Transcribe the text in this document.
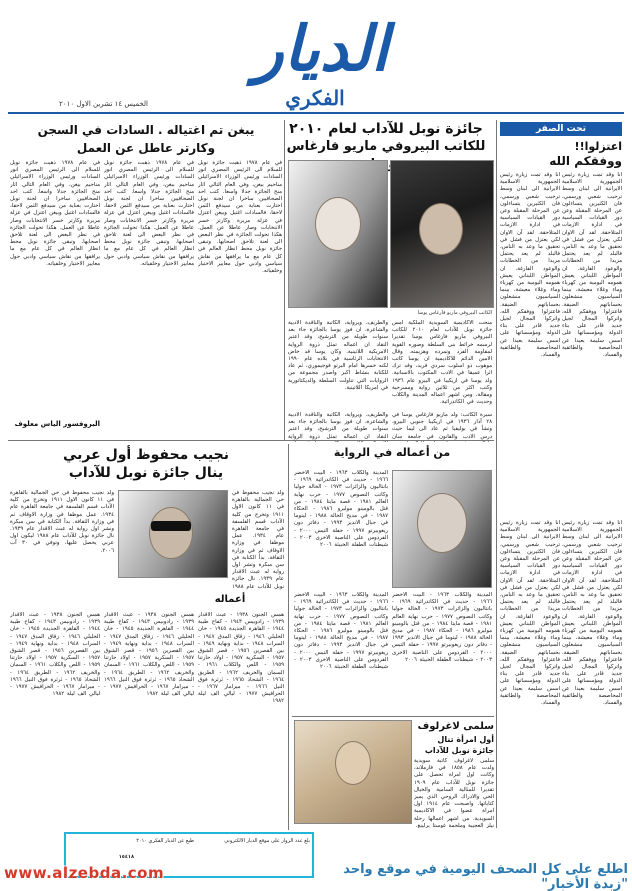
الديار
الفكري
الخميس ١٤ تشرين الاول ٢٠١٠
تحت الصفر
اعتزلوا!!
ووفقكم الله
انا وقد تمت زيارة رئيس الجمهورية الاسلامية الايرانية الى لبنان وسط ترحيب شعبي ورسمي، فان الكثيرين يتساءلون عن المرحلة المقبلة وعن دور القيادات السياسية في ادارة الازمات المتلاحقة. لقد آن الاوان لكي يعتزل من فشل في تحقيق ما وعد به الناس، فالبلد لم يعد يحتمل مزيدا من الخطابات والوعود الفارغة. ان المواطن اللبناني يعيش همومه اليومية من كهرباء وماء وغلاء معيشة، بينما السياسيون منشغلون بحساباتهم الضيقة. فاعتزلوا ووفقكم الله، واتركوا المجال لجيل جديد قادر على بناء الدولة ومؤسساتها على اسس سليمة بعيدا عن المحاصصة والطائفية والفساد.
انا وقد تمت زيارة رئيس الجمهورية الاسلامية الايرانية الى لبنان وسط ترحيب شعبي ورسمي، فان الكثيرين يتساءلون عن المرحلة المقبلة وعن دور القيادات السياسية في ادارة الازمات المتلاحقة. لقد آن الاوان لكي يعتزل من فشل في تحقيق ما وعد به الناس، فالبلد لم يعد يحتمل مزيدا من الخطابات والوعود الفارغة. ان المواطن اللبناني يعيش همومه اليومية من كهرباء وماء وغلاء معيشة، بينما السياسيون منشغلون بحساباتهم الضيقة. فاعتزلوا ووفقكم الله، واتركوا المجال لجيل جديد قادر على بناء الدولة ومؤسساتها على اسس سليمة بعيدا عن المحاصصة والطائفية والفساد.
انا وقد تمت زيارة رئيس الجمهورية الاسلامية الايرانية الى لبنان وسط ترحيب شعبي ورسمي، فان الكثيرين يتساءلون عن المرحلة المقبلة وعن دور القيادات السياسية في ادارة الازمات المتلاحقة. لقد آن الاوان لكي يعتزل من فشل في تحقيق ما وعد به الناس، فالبلد لم يعد يحتمل مزيدا من الخطابات والوعود الفارغة. ان المواطن اللبناني يعيش همومه اليومية من كهرباء وماء وغلاء معيشة، بينما السياسيون منشغلون بحساباتهم الضيقة. فاعتزلوا ووفقكم الله، واتركوا المجال لجيل جديد قادر على بناء الدولة ومؤسساتها على اسس سليمة بعيدا عن المحاصصة والطائفية والفساد.
انا وقد تمت زيارة رئيس الجمهورية الاسلامية الايرانية الى لبنان وسط ترحيب شعبي ورسمي، فان الكثيرين يتساءلون عن المرحلة المقبلة وعن دور القيادات السياسية في ادارة الازمات المتلاحقة. لقد آن الاوان لكي يعتزل من فشل في تحقيق ما وعد به الناس، فالبلد لم يعد يحتمل مزيدا من الخطابات والوعود الفارغة. ان المواطن اللبناني يعيش همومه اليومية من كهرباء وماء وغلاء معيشة، بينما السياسيون منشغلون بحساباتهم الضيقة. فاعتزلوا ووفقكم الله، واتركوا المجال لجيل جديد قادر على بناء الدولة ومؤسساتها على اسس سليمة بعيدا عن المحاصصة والطائفية والفساد.
جائزة نوبل للآداب لعام ٢٠١٠
للكاتب البيروفي ماريو فارغاس
الكاتب البيروفي ماريو فارغاس يوسا
منحت الاكاديمية السويدية الملكية امس جائزة نوبل للآداب لعام ٢٠١٠ للكاتب البيروفي ماريو فارغاس يوسا تقديرا لرسمه خرائط بنى السلطة وصوره القوية لمقاومة الفرد وتمرده وهزيمته. وقال الامين الدائم للاكاديمية ان يوسا كاتب موهوب ذو اسلوب سردي فريد، وقد ترك اثرا عميقا في الادب المكتوب بالاسبانية. ولد يوسا في اريكيبا في البيرو عام ١٩٣٦ وكتب اكثر من ثلاثين رواية ومسرحية ومقالة، ومن اشهر اعماله المدينة والكلاب وحديث في الكاتدرائية.
والطريف، ويرواية، الكاتبة والناقدة الادبية والشاعرة، ان فوز يوسا بالجائزة جاء بعد سنوات طويلة من الترشيح، وقد اعتبر النقاد ان اعماله تمثل ذروة الرواية الامريكية اللاتينية. وكان يوسا قد خاض الانتخابات الرئاسية في بلاده عام ١٩٩٠ لكنه خسرها امام البرتو فوجيموري، ثم عاد للكتابة بنشاط اكبر واصدر مجموعة من الروايات التي تناولت السلطة والديكتاتورية في امريكا اللاتينية.
سيرة الكاتب: ولد ماريو فارغاس يوسا في ٢٨ آذار ١٩٣٦ في اريكيبا جنوبي البيرو، ونشأ في بوليفيا ثم عاد الى ليما حيث درس الادب والقانون في جامعة سان
والطريف، ويرواية، الكاتبة والناقدة الادبية والشاعرة، ان فوز يوسا بالجائزة جاء بعد سنوات طويلة من الترشيح، وقد اعتبر النقاد ان اعماله تمثل ذروة الرواية
يبغن تم اغتياله . السادات في السجن
وكارتر عاطل عن العمل
في عام ١٩٧٨ ذهبت جائزة نوبل للسلام الى الرئيس المصري انور السادات ورئيس الوزراء الاسرائيلي مناحيم بيغن، وفي العام التالي اثار منح الجائزة جدلا واسعا. كتب احد الصحافيين ساخرا ان لجنة نوبل اختارت بعناية من سيدفع الثمن لاحقا، فالسادات اغتيل وبيغن اعتزل في عزلة مريرة وكارتر خسر الانتخابات وصار عاطلا عن العمل. هكذا تحولت الجائزة في نظر البعض الى لعنة تلاحق اصحابها. وتبقى جائزة نوبل محط انظار العالم في كل عام مع ما يرافقها من نقاش سياسي وادبي حول معايير الاختيار وخلفياته.
في عام ١٩٧٨ ذهبت جائزة نوبل للسلام الى الرئيس المصري انور السادات ورئيس الوزراء الاسرائيلي مناحيم بيغن، وفي العام التالي اثار منح الجائزة جدلا واسعا. كتب احد الصحافيين ساخرا ان لجنة نوبل اختارت بعناية من سيدفع الثمن لاحقا، فالسادات اغتيل وبيغن اعتزل في عزلة مريرة وكارتر خسر الانتخابات وصار عاطلا عن العمل. هكذا تحولت الجائزة في نظر البعض الى لعنة تلاحق اصحابها. وتبقى جائزة نوبل محط انظار العالم في كل عام مع ما يرافقها من نقاش سياسي وادبي حول معايير الاختيار وخلفياته.
في عام ١٩٧٨ ذهبت جائزة نوبل للسلام الى الرئيس المصري انور السادات ورئيس الوزراء الاسرائيلي مناحيم بيغن، وفي العام التالي اثار منح الجائزة جدلا واسعا. كتب احد الصحافيين ساخرا ان لجنة نوبل اختارت بعناية من سيدفع الثمن لاحقا، فالسادات اغتيل وبيغن اعتزل في عزلة مريرة وكارتر خسر الانتخابات وصار عاطلا عن العمل. هكذا تحولت الجائزة في نظر البعض الى لعنة تلاحق اصحابها. وتبقى جائزة نوبل محط انظار العالم في كل عام مع ما يرافقها من نقاش سياسي وادبي حول معايير الاختيار وخلفياته.
البروفسور الياس معلوف
نجيب محفوظ أول عربي
ينال جائزة نوبل للآداب
ولد نجيب محفوظ في حي الجمالية بالقاهرة في ١١ كانون الاول ١٩١١ وتخرج من كلية الآداب قسم الفلسفة في جامعة القاهرة عام ١٩٣٤. عمل موظفا في وزارة الاوقاف ثم في وزارة الثقافة. بدأ الكتابة في سن مبكرة ونشر اول رواية له عبث الاقدار عام ١٩٣٩. نال جائزة نوبل للآداب عام ١٩٨٨
ولد نجيب محفوظ في حي الجمالية بالقاهرة في ١١ كانون الاول ١٩١١ وتخرج من كلية الآداب قسم الفلسفة في جامعة القاهرة عام ١٩٣٤. عمل موظفا في وزارة الاوقاف ثم في وزارة الثقافة. بدأ الكتابة في سن مبكرة ونشر اول رواية له عبث الاقدار عام ١٩٣٩. نال جائزة نوبل للآداب عام ١٩٨٨ ليكون اول عربي يحصل عليها، وتوفي في ٣٠ آب ٢٠٠٦.
أعماله
همس الجنون ١٩٣٨ - عبث الاقدار ١٩٣٩ - رادوبيس ١٩٤٣ - كفاح طيبة ١٩٤٤ - القاهرة الجديدة ١٩٤٥ - خان الخليلي ١٩٤٦ - زقاق المدق ١٩٤٧ - السراب ١٩٤٨ - بداية ونهاية ١٩٤٩ - بين القصرين ١٩٥٦ - قصر الشوق ١٩٥٧ - السكرية ١٩٥٧ - اولاد حارتنا ١٩٥٩ - اللص والكلاب ١٩٦١ - السمان والخريف ١٩٦٢ - الطريق ١٩٦٤ - الشحاذ ١٩٦٥ - ثرثرة فوق النيل ١٩٦٦ - ميرامار ١٩٦٧ - الحرافيش ١٩٧٧ - ليالي الف ليلة ١٩٨٢
همس الجنون ١٩٣٨ - عبث الاقدار ١٩٣٩ - رادوبيس ١٩٤٣ - كفاح طيبة ١٩٤٤ - القاهرة الجديدة ١٩٤٥ - خان الخليلي ١٩٤٦ - زقاق المدق ١٩٤٧ - السراب ١٩٤٨ - بداية ونهاية ١٩٤٩ - بين القصرين ١٩٥٦ - قصر الشوق ١٩٥٧ - السكرية ١٩٥٧ - اولاد حارتنا ١٩٥٩ - اللص والكلاب ١٩٦١ - السمان والخريف ١٩٦٢ - الطريق ١٩٦٤ - الشحاذ ١٩٦٥ - ثرثرة فوق النيل ١٩٦٦ - ميرامار ١٩٦٧ - الحرافيش ١٩٧٧ - ليالي الف ليلة ١٩٨٢
همس الجنون ١٩٣٨ - عبث الاقدار ١٩٣٩ - رادوبيس ١٩٤٣ - كفاح طيبة ١٩٤٤ - القاهرة الجديدة ١٩٤٥ - خان الخليلي ١٩٤٦ - زقاق المدق ١٩٤٧ - السراب ١٩٤٨ - بداية ونهاية ١٩٤٩ - بين القصرين ١٩٥٦ - قصر الشوق ١٩٥٧ - السكرية ١٩٥٧ - اولاد حارتنا ١٩٥٩ - اللص والكلاب ١٩٦١ - السمان والخريف ١٩٦٢ - الطريق ١٩٦٤ - الشحاذ ١٩٦٥ - ثرثرة فوق النيل ١٩٦٦ - ميرامار ١٩٦٧ - الحرافيش ١٩٧٧ - ليالي الف ليلة ١٩٨٢
من أعماله في الرواية
المدينة والكلاب ١٩٦٣ - البيت الاخضر ١٩٦٦ - حديث في الكاتدرائية ١٩٦٩ - بانتاليون والزائرات ١٩٧٣ - الخالة جوليا وكاتب النصوص ١٩٧٧ - حرب نهاية العالم ١٩٨١ - قصة مايتا ١٩٨٤ - من قتل بالومينو موليرو ١٩٨٦ - الحكاء ١٩٨٧ - في مديح الخالة ١٩٨٨ - ليتوما في جبال الانديز ١٩٩٣ - دفاتر دون ريغوبيرتو ١٩٩٧ - حفلة التيس ٢٠٠٠ - الفردوس على الناصية الاخرى ٢٠٠٣ - شيطنات الطفلة الخبيثة ٢٠٠٦
المدينة والكلاب ١٩٦٣ - البيت الاخضر ١٩٦٦ - حديث في الكاتدرائية ١٩٦٩ - بانتاليون والزائرات ١٩٧٣ - الخالة جوليا وكاتب النصوص ١٩٧٧ - حرب نهاية العالم ١٩٨١ - قصة مايتا ١٩٨٤ - من قتل بالومينو موليرو ١٩٨٦ - الحكاء ١٩٨٧ - في مديح الخالة ١٩٨٨ - ليتوما في جبال الانديز ١٩٩٣ - دفاتر دون ريغوبيرتو ١٩٩٧ - حفلة التيس ٢٠٠٠ - الفردوس على الناصية الاخرى ٢٠٠٣ - شيطنات الطفلة الخبيثة ٢٠٠٦
المدينة والكلاب ١٩٦٣ - البيت الاخضر ١٩٦٦ - حديث في الكاتدرائية ١٩٦٩ - بانتاليون والزائرات ١٩٧٣ - الخالة جوليا وكاتب النصوص ١٩٧٧ - حرب نهاية العالم ١٩٨١ - قصة مايتا ١٩٨٤ - من قتل بالومينو موليرو ١٩٨٦ - الحكاء ١٩٨٧ - في مديح الخالة ١٩٨٨ - ليتوما في جبال الانديز ١٩٩٣ - دفاتر دون ريغوبيرتو ١٩٩٧ - حفلة التيس ٢٠٠٠ - الفردوس على الناصية الاخرى ٢٠٠٣ - شيطنات الطفلة الخبيثة ٢٠٠٦
سلمى لاغرلوف
أول امرأة تنال جائزة نوبل للآداب
سلمى لاغرلوف كاتبة سويدية ولدت عام ١٨٥٨ في فارملاند، وكانت اول امراة تحصل على جائزة نوبل للآداب عام ١٩٠٩ تقديرا للمثالية السامية والخيال الحي والادراك الروحي الذي يميز كتاباتها. واصبحت عام ١٩١٤ اول امراة عضوا في الاكاديمية السويدية. من اشهر اعمالها رحلة نيلز العجيبة وملحمة غوستا برلينغ.
بلغ عدد الزوار على موقع الديار الالكتروني
طبع عن الديار الفكري ٢٠١٠
١٥٤١٨
www.alzebda.com	اطلع على كل الصحف اليومية في موقع واحد "زبدة الأخبار"
